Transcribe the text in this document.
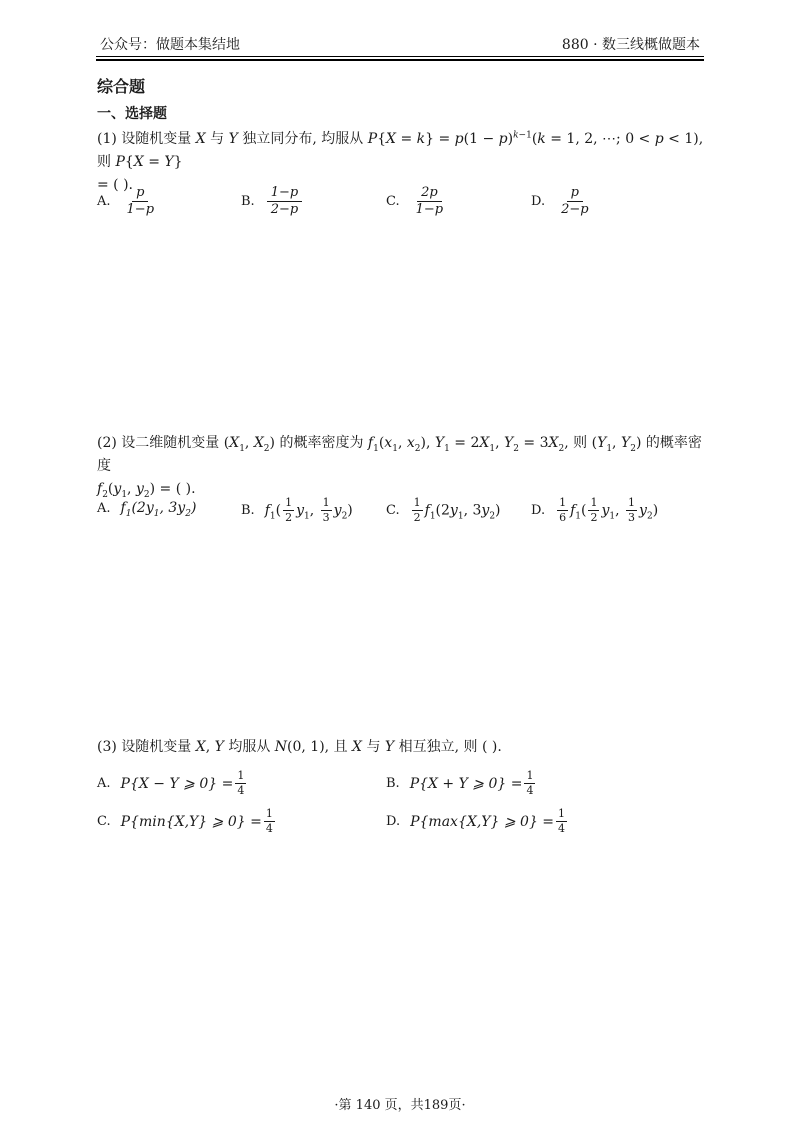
公众号：做题本集结地	880 · 数三线概做题本
综合题
一、选择题
(1) 设随机变量 X 与 Y 独立同分布, 均服从 $P\{X = k\} = p(1 - p)^{k-1}(k = 1$, 2, ⋯; 0 < p < 1), 则 P{X = Y}
= ( ).
A. $\frac{p}{1-p}$	B. $\frac{1-p}{2-p}$	C. $\frac{2p}{1-p}$	D. $\frac{p}{2-p}$
(2) 设二维随机变量 ($X_1$, $X_2$) 的概率密度为 $f_1(x_1$, $x_2$), $Y_1 = 2X_1$, $Y_2 = 3X_2$, 则 ($Y_1$, $Y_2$) 的概率密度
$f_2(y_1$, $y_2$) = ( ).
A. $f_1(2y_1$, $3y_2$)	B. $f_1( \frac{1}{2} y_1$, $\frac{1}{3} y_2$)	C. $\frac{1}{2} f_1(2y_1$, $3y_2$) D. $\frac{1}{6} f_1( \frac{1}{2} y_1$, $\frac{1}{3} y_2$)
(3) 设随机变量 X, Y 均服从 N(0, 1), 且 X 与 Y 相互独立, 则 ( ).
A. P{X − Y ⩾ $0\} = \frac{1}{4}$	B. P{X + Y ⩾ $0\} = \frac{1}{4}$
C. P{min{X,Y} ⩾ $0\} = \frac{1}{4}$	D. P{max{X,Y} ⩾ $0\} = \frac{1}{4}$
·第 140 页，共189页·
